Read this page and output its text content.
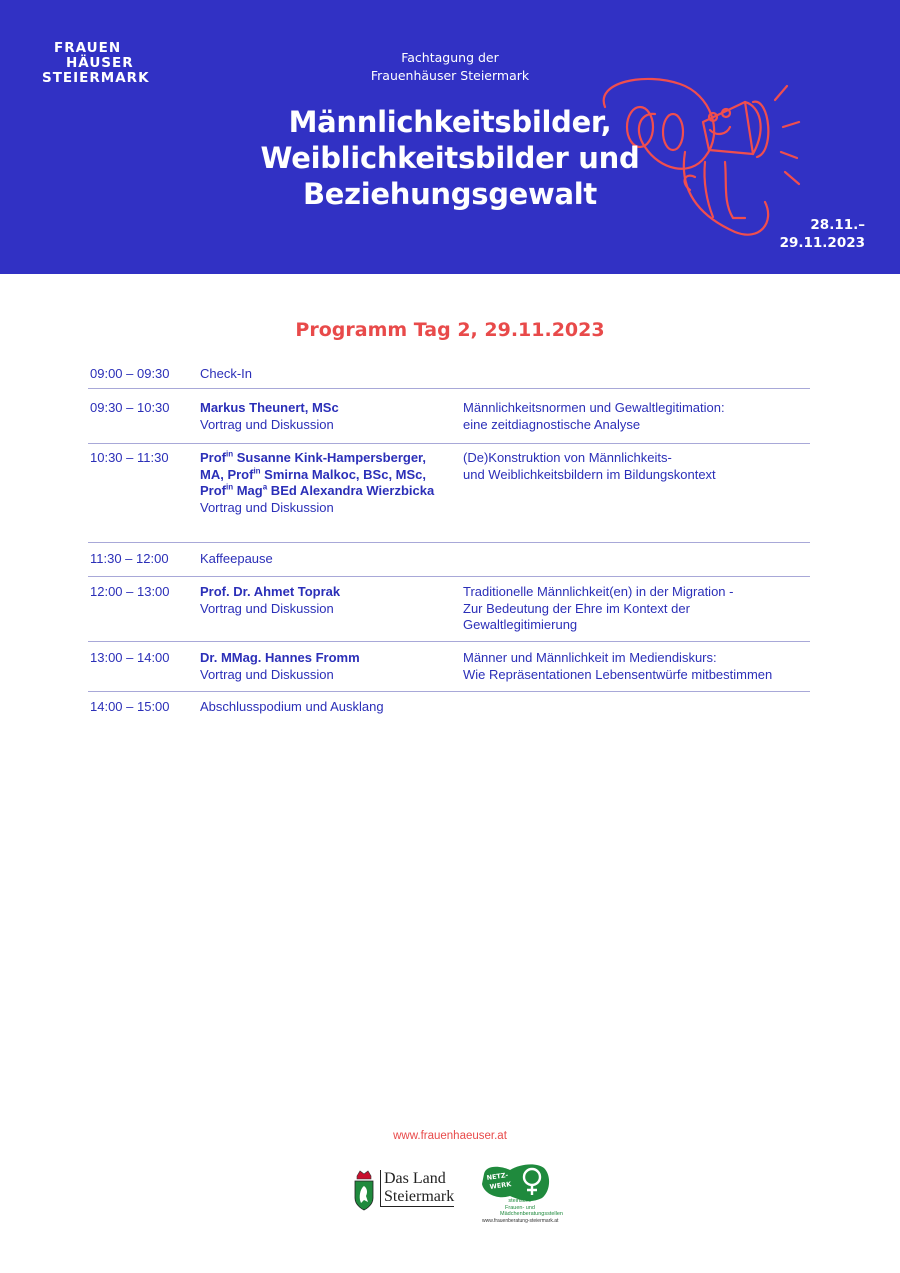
FRAUEN
HÄUSER
STEIERMARK
Fachtagung der
Frauenhäuser Steiermark
Männlichkeitsbilder,
Weiblichkeitsbilder und
Beziehungsgewalt
28.11.–
29.11.2023
Programm Tag 2, 29.11.2023
09:00 – 09:30 Check-In
09:30 – 10:30 Markus Theunert, MSc
Vortrag und Diskussion
Männlichkeitsnormen und Gewaltlegitimation:
eine zeitdiagnostische Analyse
10:30 – 11:30 Prof$^{in}$ Susanne Kink-Hampersberger,
MA, Prof$^{in}$ Smirna Malkoc, BSc, MSc,
Prof$^{in}$ Mag$^a$ BEd Alexandra Wierzbicka
Vortrag und Diskussion
(De)Konstruktion von Männlichkeits-
und Weiblichkeitsbildern im Bildungskontext
11:30 – 12:00 Kaffeepause
12:00 – 13:00 Prof. Dr. Ahmet Toprak
Vortrag und Diskussion
Traditionelle Männlichkeit(en) in der Migration -
Zur Bedeutung der Ehre im Kontext der
Gewaltlegitimierung
13:00 – 14:00 Dr. MMag. Hannes Fromm
Vortrag und Diskussion
Männer und Männlichkeit im Mediendiskurs:
Wie Repräsentationen Lebensentwürfe mitbestimmen
14:00 – 15:00 Abschlusspodium und Ausklang
www.frauenhaeuser.at
Das Land
Steiermark
NETZ-
WERK
steirische
Frauen- und
Mädchenberatungsstellen
www.frauenberatung-steiermark.at
